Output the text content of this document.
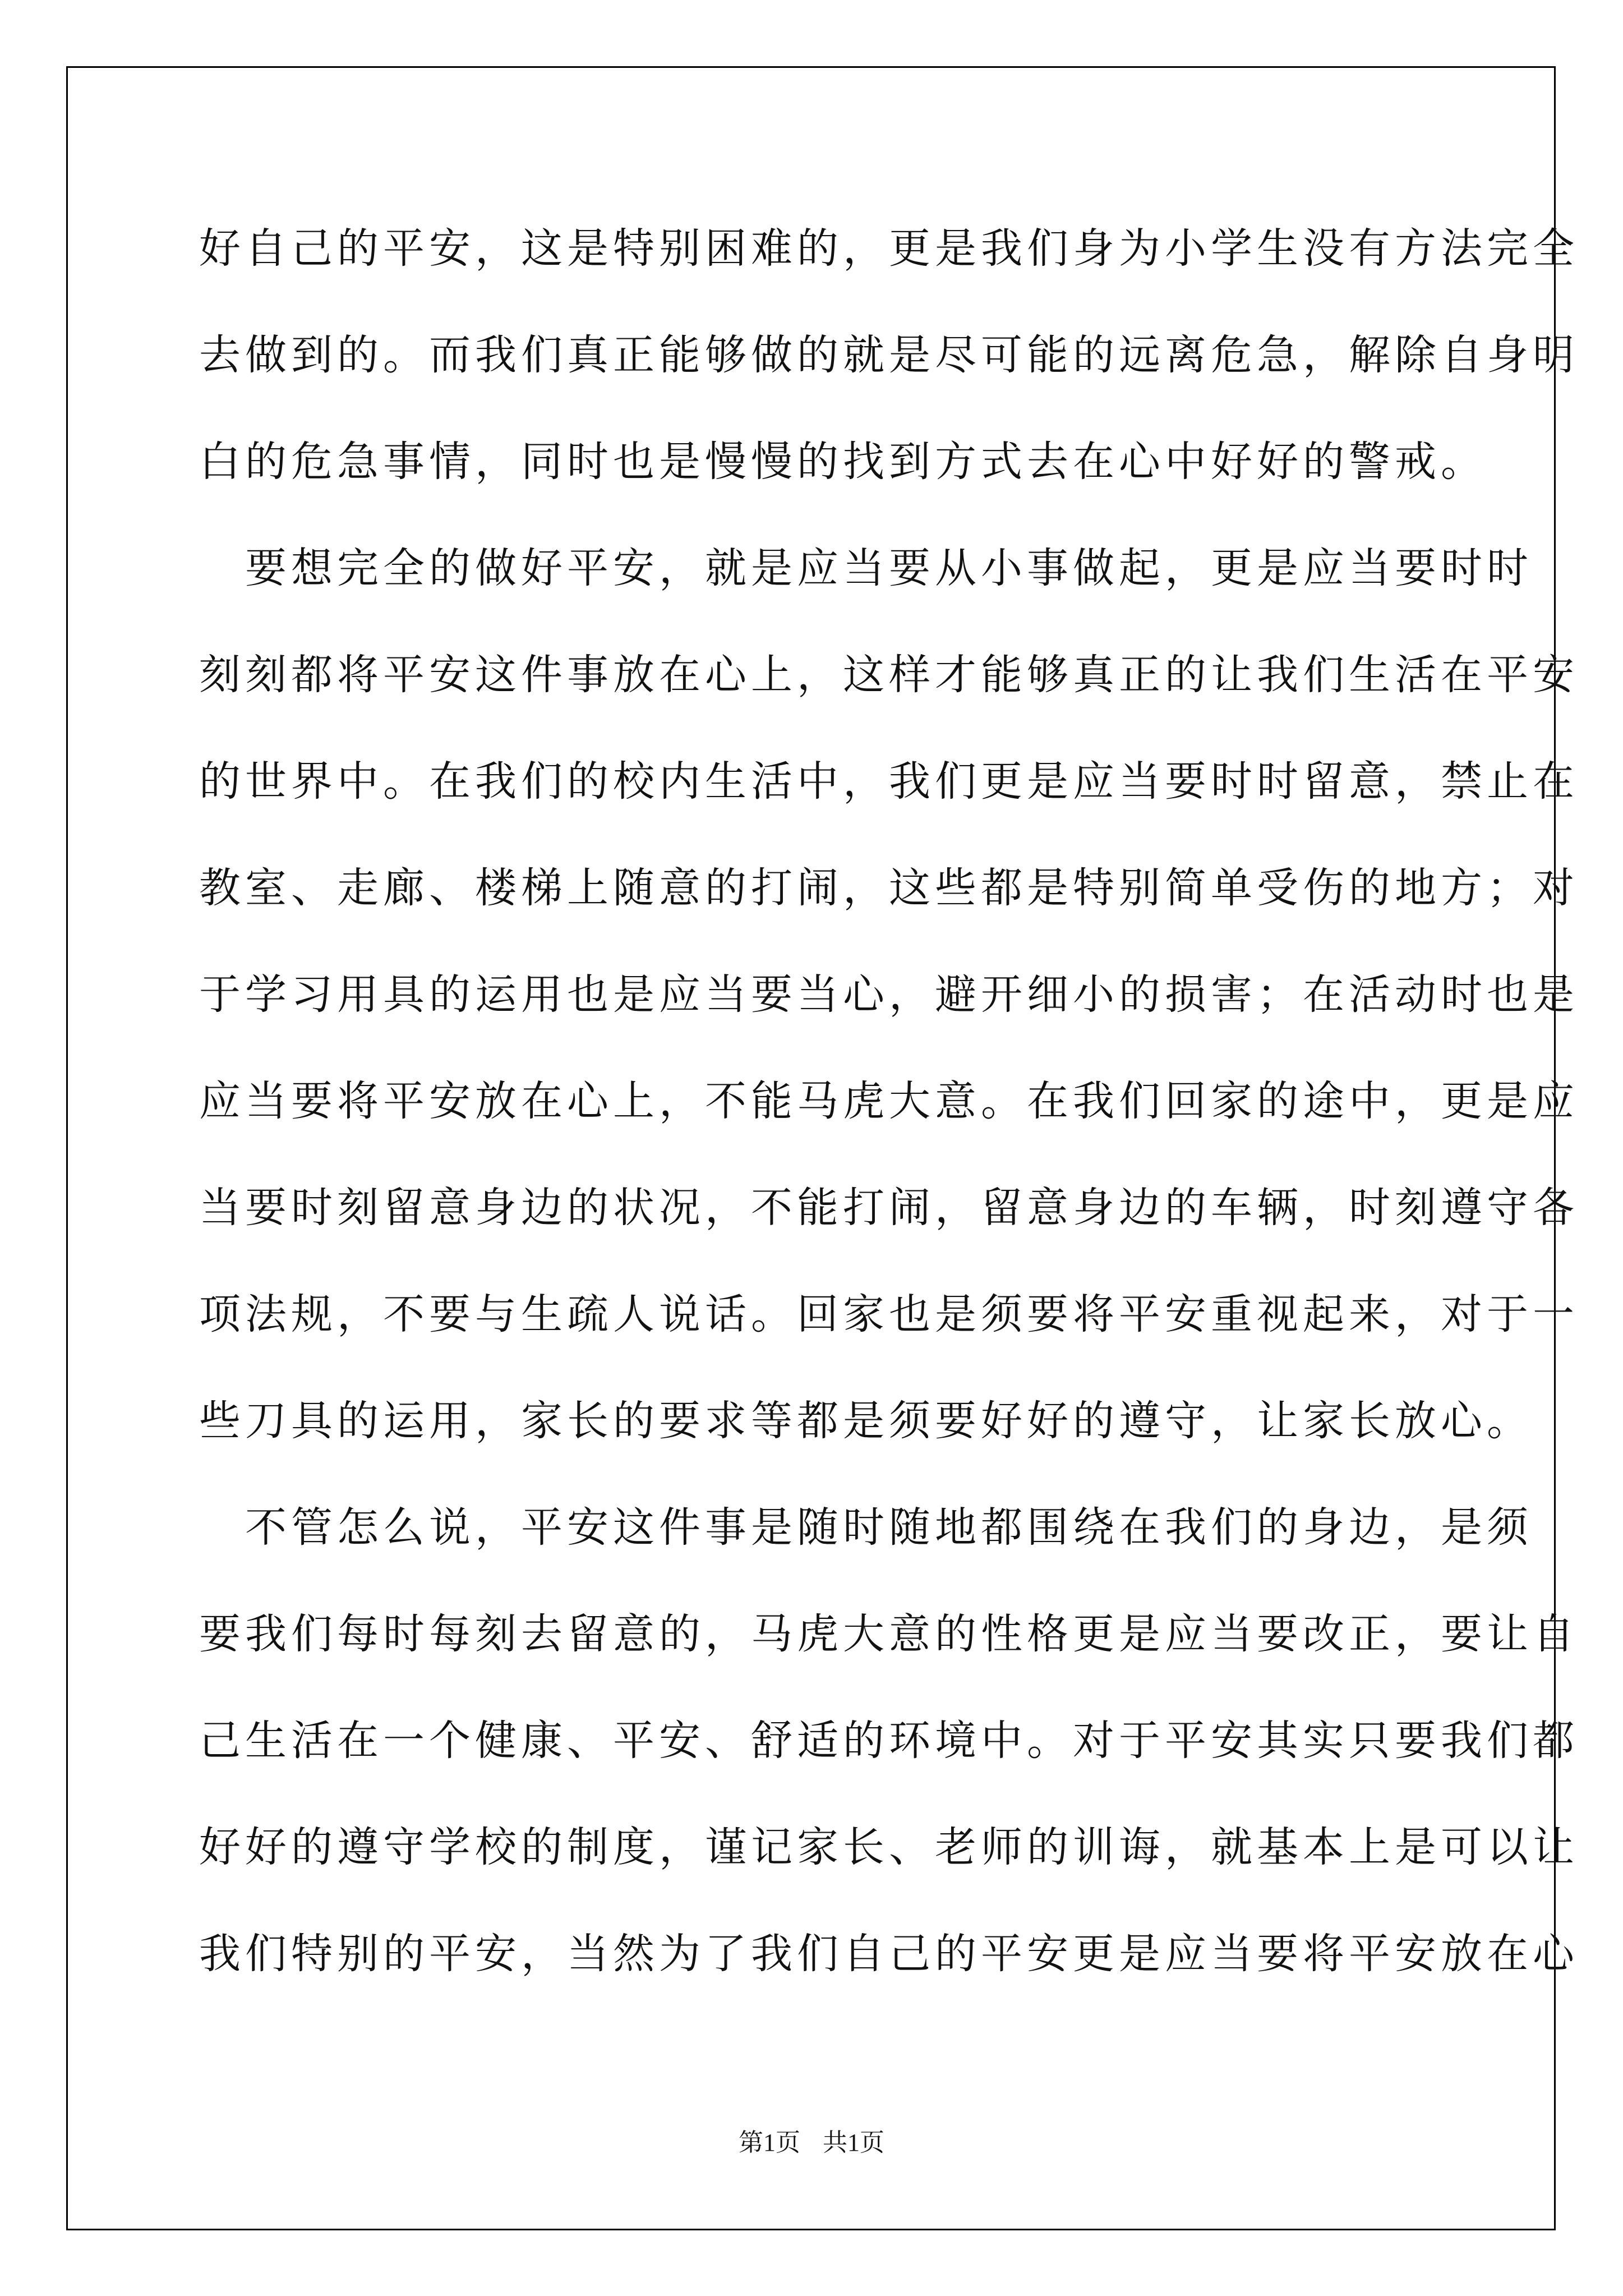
好自己的平安，这是特别困难的，更是我们身为小学生没有方法完全
去做到的。而我们真正能够做的就是尽可能的远离危急，解除自身明
白的危急事情，同时也是慢慢的找到方式去在心中好好的警戒。
　要想完全的做好平安，就是应当要从小事做起，更是应当要时时
刻刻都将平安这件事放在心上，这样才能够真正的让我们生活在平安
的世界中。在我们的校内生活中，我们更是应当要时时留意，禁止在
教室、走廊、楼梯上随意的打闹，这些都是特别简单受伤的地方；对
于学习用具的运用也是应当要当心，避开细小的损害；在活动时也是
应当要将平安放在心上，不能马虎大意。在我们回家的途中，更是应
当要时刻留意身边的状况，不能打闹，留意身边的车辆，时刻遵守各
项法规，不要与生疏人说话。回家也是须要将平安重视起来，对于一
些刀具的运用，家长的要求等都是须要好好的遵守，让家长放心。
　不管怎么说，平安这件事是随时随地都围绕在我们的身边，是须
要我们每时每刻去留意的，马虎大意的性格更是应当要改正，要让自
己生活在一个健康、平安、舒适的环境中。对于平安其实只要我们都
好好的遵守学校的制度，谨记家长、老师的训诲，就基本上是可以让
我们特别的平安，当然为了我们自己的平安更是应当要将平安放在心
第1页 共1页
